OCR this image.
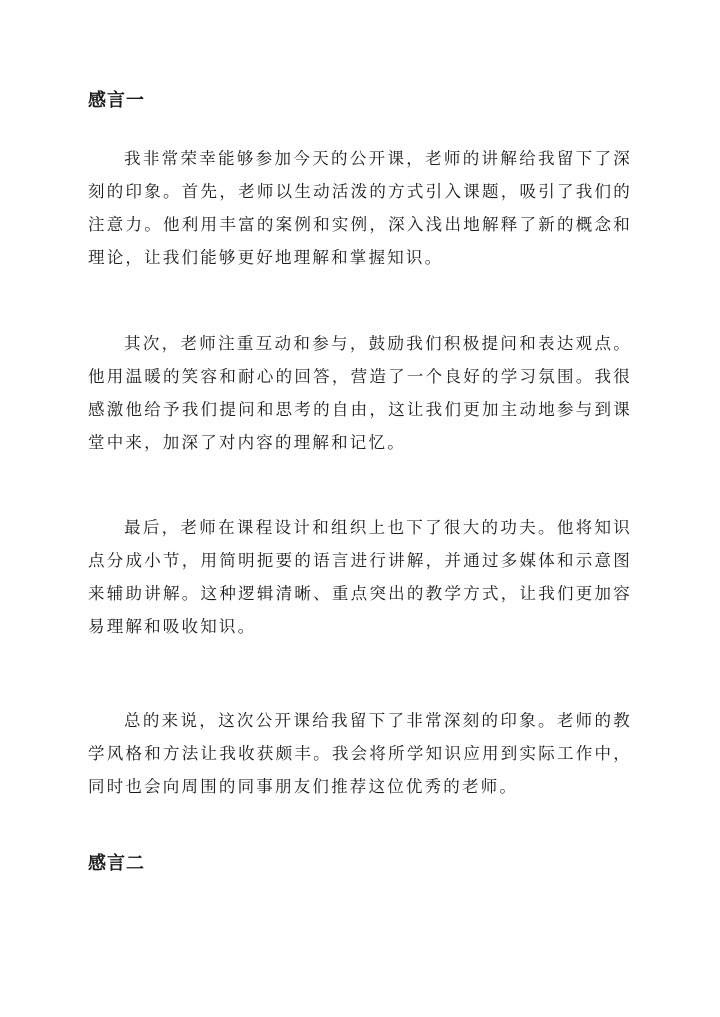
感言一

我非常荣幸能够参加今天的公开课，老师的讲解给我留下了深刻的印象。首先，老师以生动活泼的方式引入课题，吸引了我们的注意力。他利用丰富的案例和实例，深入浅出地解释了新的概念和理论，让我们能够更好地理解和掌握知识。

其次，老师注重互动和参与，鼓励我们积极提问和表达观点。他用温暖的笑容和耐心的回答，营造了一个良好的学习氛围。我很感激他给予我们提问和思考的自由，这让我们更加主动地参与到课堂中来，加深了对内容的理解和记忆。

最后，老师在课程设计和组织上也下了很大的功夫。他将知识点分成小节，用简明扼要的语言进行讲解，并通过多媒体和示意图来辅助讲解。这种逻辑清晰、重点突出的教学方式，让我们更加容易理解和吸收知识。

总的来说，这次公开课给我留下了非常深刻的印象。老师的教学风格和方法让我收获颇丰。我会将所学知识应用到实际工作中，同时也会向周围的同事朋友们推荐这位优秀的老师。

感言二
